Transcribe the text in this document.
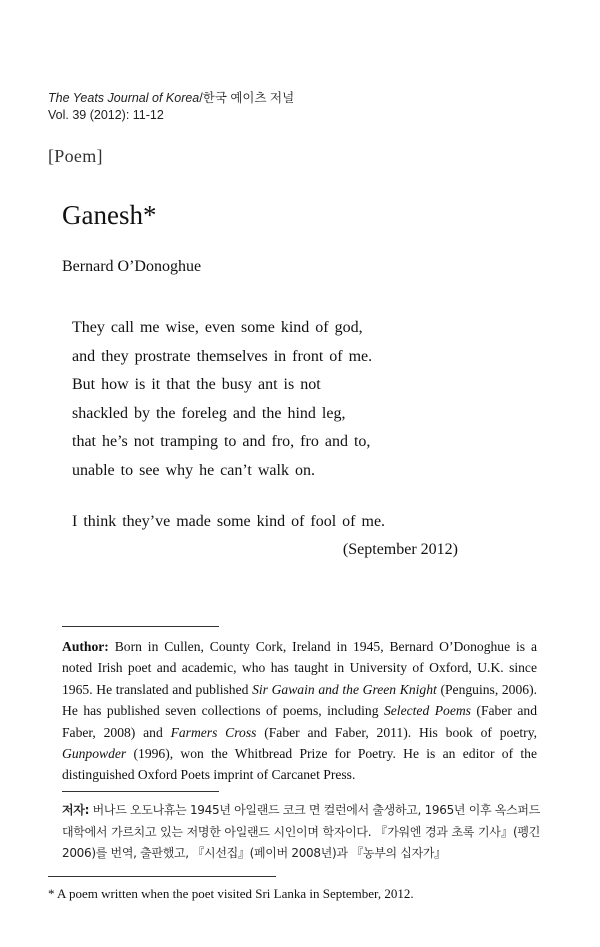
The Yeats Journal of Korea/한국 예이츠 저널
Vol. 39 (2012): 11-12
[Poem]
Ganesh*
Bernard O’Donoghue
They call me wise, even some kind of god,
and they prostrate themselves in front of me.
But how is it that the busy ant is not
shackled by the foreleg and the hind leg,
that he’s not tramping to and fro, fro and to,
unable to see why he can’t walk on.
I think they’ve made some kind of fool of me.
(September 2012)
Author: Born in Cullen, County Cork, Ireland in 1945, Bernard O’Donoghue is a noted Irish poet and academic, who has taught in University of Oxford, U.K. since 1965. He translated and published Sir Gawain and the Green Knight (Penguins, 2006). He has published seven collections of poems, including Selected Poems (Faber and Faber, 2008) and Farmers Cross (Faber and Faber, 2011). His book of poetry, Gunpowder (1996), won the Whitbread Prize for Poetry. He is an editor of the distinguished Oxford Poets imprint of Carcanet Press.
저자: 버나드 오도나휴는 1945년 아일랜드 코크 면 컬런에서 출생하고, 1965년 이후 옥스퍼드대학에서 가르치고 있는 저명한 아일랜드 시인이며 학자이다. 『가워엔 경과 초록 기사』(펭긴 2006)를 번역, 출판했고, 『시선집』(페이버 2008년)과 『농부의 십자가』
* A poem written when the poet visited Sri Lanka in September, 2012.
